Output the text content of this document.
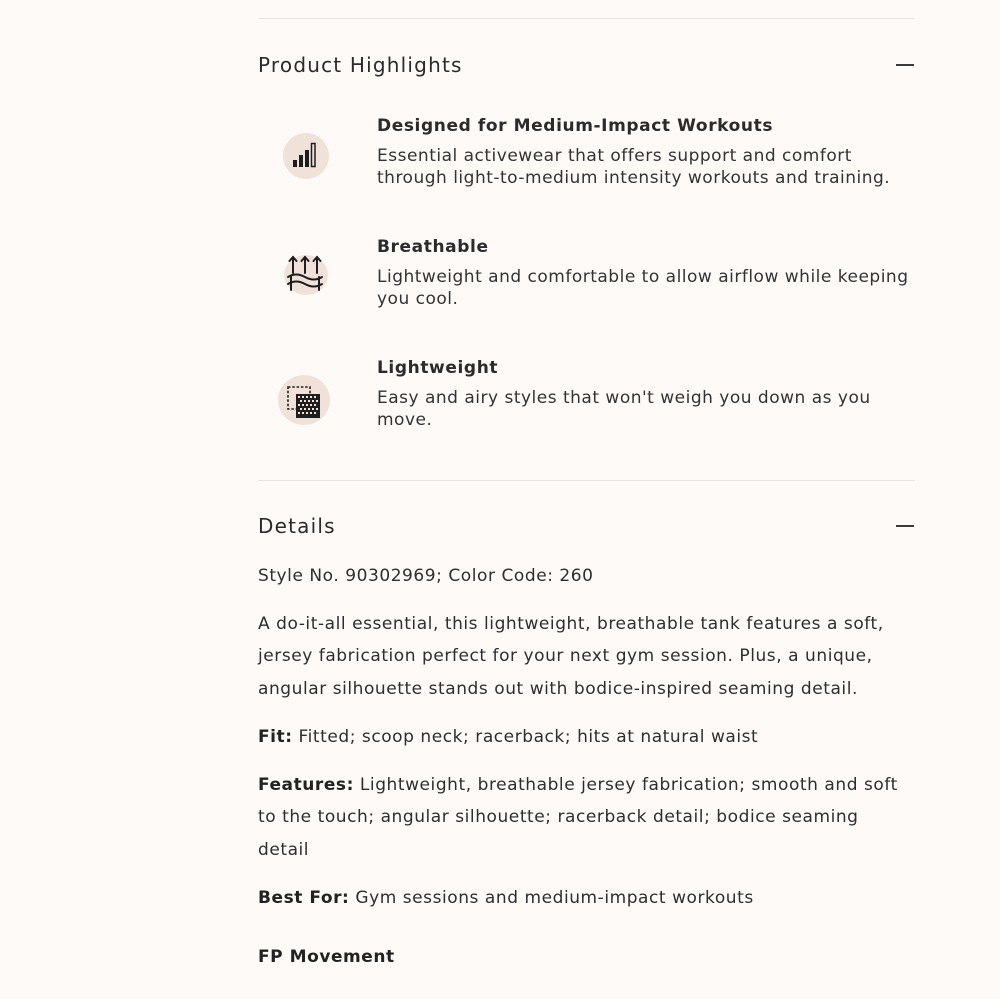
Product Highlights

Designed for Medium-Impact Workouts

Essential activewear that offers support and comfort through light-to-medium intensity workouts and training.

Breathable

Lightweight and comfortable to allow airflow while keeping you cool.

Lightweight

Easy and airy styles that won't weigh you down as you move.

Details

Style No. 90302969; Color Code: 260

A do-it-all essential, this lightweight, breathable tank features a soft, jersey fabrication perfect for your next gym session. Plus, a unique, angular silhouette stands out with bodice-inspired seaming detail.

Fit: Fitted; scoop neck; racerback; hits at natural waist

Features: Lightweight, breathable jersey fabrication; smooth and soft to the touch; angular silhouette; racerback detail; bodice seaming detail

Best For: Gym sessions and medium-impact workouts

FP Movement
